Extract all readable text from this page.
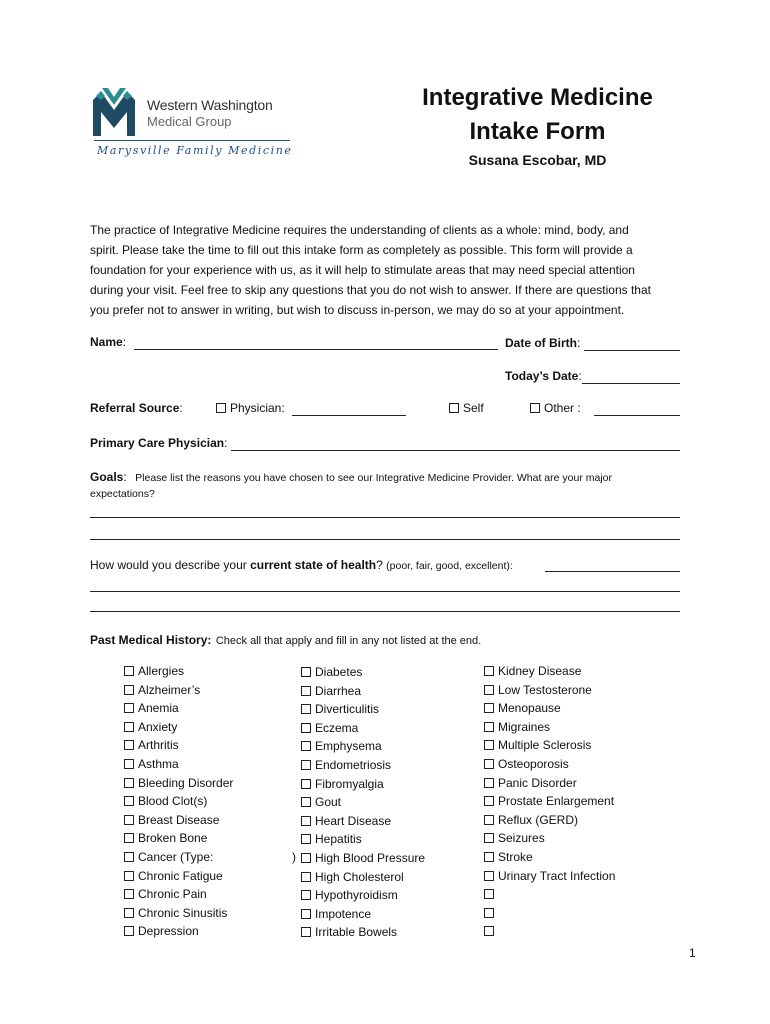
Western Washington
Medical Group
Marysville Family Medicine
Integrative Medicine
Intake Form
Susana Escobar, MD

The practice of Integrative Medicine requires the understanding of clients as a whole: mind, body, and

spirit. Please take the time to fill out this intake form as completely as possible. This form will provide a

foundation for your experience with us, as it will help to stimulate areas that may need special attention

during your visit. Feel free to skip any questions that you do not wish to answer. If there are questions that

you prefer not to answer in writing, but wish to discuss in-person, we may do so at your appointment.

Name:	Date of Birth:
Today’s Date:
Referral Source:	Physician:	Self	Other :
Primary Care Physician:
Goals: Please list the reasons you have chosen to see our Integrative Medicine Provider. What are your major
expectations?
How would you describe your current state of health? (poor, fair, good, excellent):
Past Medical History: Check all that apply and fill in any not listed at the end.
Allergies
Alzheimer’s
Anemia
Anxiety
Arthritis
Asthma
Bleeding Disorder
Blood Clot(s)
Breast Disease
Broken Bone
Cancer (Type:
Chronic Fatigue
Chronic Pain
Chronic Sinusitis
Depression
)
Diabetes
Diarrhea
Diverticulitis
Eczema
Emphysema
Endometriosis
Fibromyalgia
Gout
Heart Disease
Hepatitis
High Blood Pressure
High Cholesterol
Hypothyroidism
Impotence
Irritable Bowels
Kidney Disease
Low Testosterone
Menopause
Migraines
Multiple Sclerosis
Osteoporosis
Panic Disorder
Prostate Enlargement
Reflux (GERD)
Seizures
Stroke
Urinary Tract Infection
1
